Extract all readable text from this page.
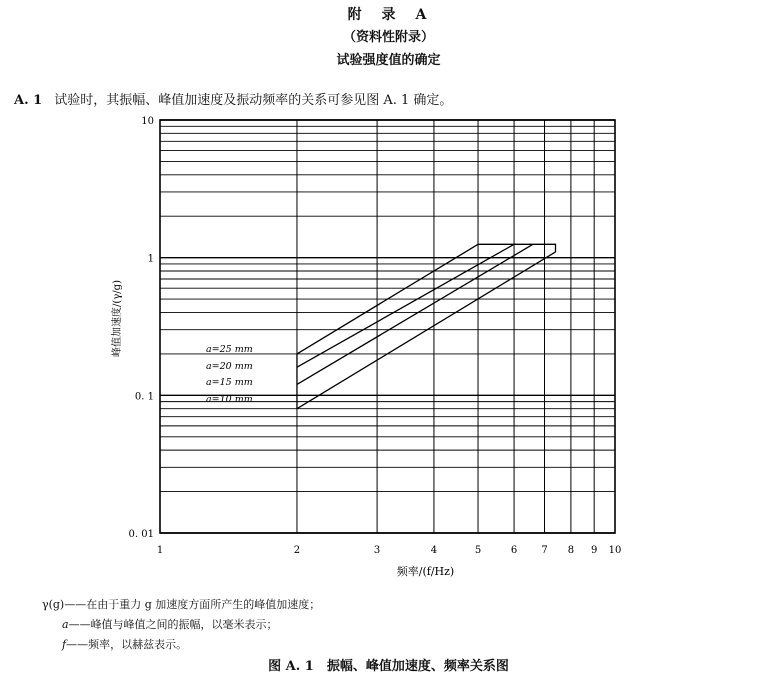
附　录　A
（资料性附录）
试验强度值的确定
A. 1 试验时，其振幅、峰值加速度及振动频率的关系可参见图 A. 1 确定。
1	2	3	4	5	6 7 8 9 10
10
1
0. 1
0. 01
a=25 mm
a=20 mm
a=15 mm
a=10 mm
频率/(f/Hz)
峰值加速度/(γ/g)
γ(g)——在由于重力 g 加速度方面所产生的峰值加速度；
a——峰值与峰值之间的振幅，以毫米表示；
f——频率，以赫兹表示。
图 A. 1　振幅、峰值加速度、频率关系图
